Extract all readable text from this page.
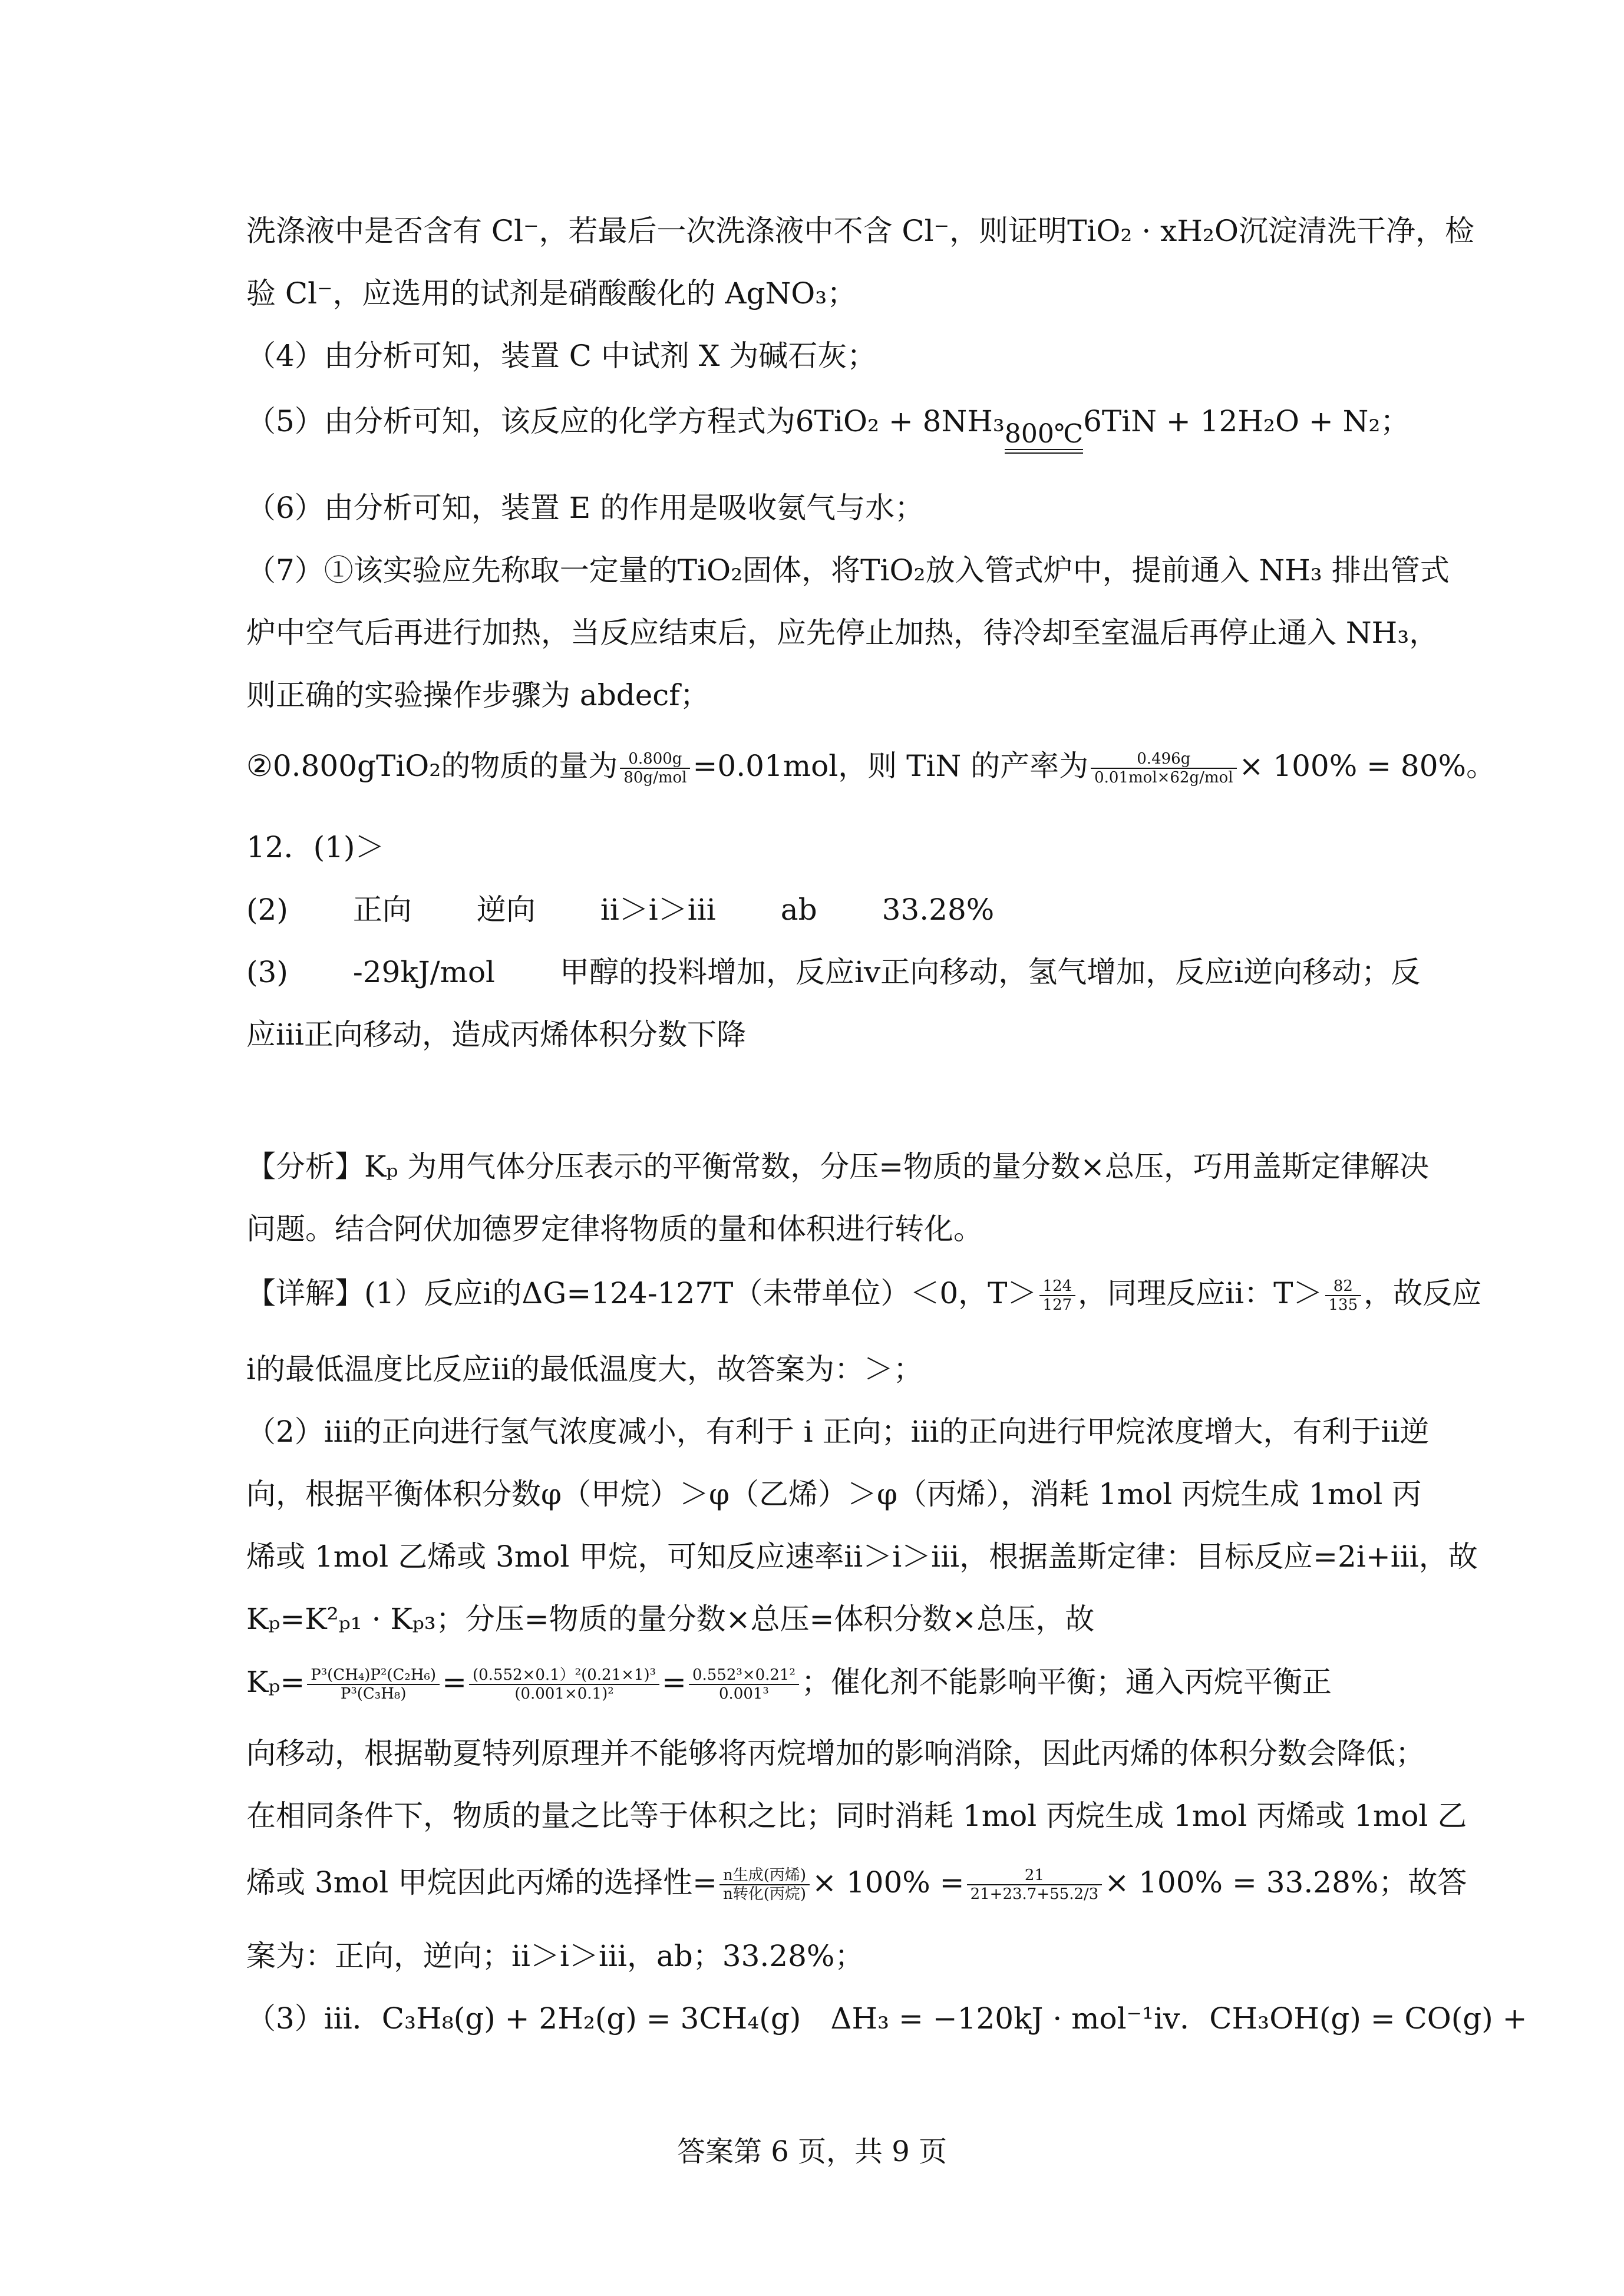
洗涤液中是否含有 Cl⁻，若最后一次洗涤液中不含 Cl⁻，则证明TiO₂ · xH₂O沉淀清洗干净，检
验 Cl⁻，应选用的试剂是硝酸酸化的 AgNO₃；
（4）由分析可知，装置 C 中试剂 X 为碱石灰；
（5）由分析可知，该反应的化学方程式为6TiO₂ + 8NH₃ 800℃ 6TiN + 12H₂O + N₂；
（6）由分析可知，装置 E 的作用是吸收氨气与水；
（7）①该实验应先称取一定量的TiO₂固体，将TiO₂放入管式炉中，提前通入 NH₃ 排出管式
炉中空气后再进行加热，当反应结束后，应先停止加热，待冷却至室温后再停止通入 NH₃，
则正确的实验操作步骤为 abdecf；
②0.800gTiO₂的物质的量为 $\frac{0.800g}{\text{80g/mol}} =0.01mol$，则 TiN 的产率为 $\frac{0.496g}{\text{0.01mol×62g/mol}} \times 100\% = 80\%$。
12．(1)＞
(2) 正向 逆向 ii＞i＞iii ab 33.28%
(3) -29kJ/mol 甲醇的投料增加，反应iv正向移动，氢气增加，反应i逆向移动；反
应iii正向移动，造成丙烯体积分数下降
【分析】Kₚ 为用气体分压表示的平衡常数，分压=物质的量分数×总压，巧用盖斯定律解决
问题。结合阿伏加德罗定律将物质的量和体积进行转化。
【详解】(1）反应i的ΔG=124-127T（未带单位）＜0，$T> \frac{124}{127}$ ，同理反应ii：$T> \frac{82}{135}$ ，故反应
i的最低温度比反应ii的最低温度大，故答案为：＞；
（2）iii的正向进行氢气浓度减小，有利于 i 正向；iii的正向进行甲烷浓度增大，有利于ii逆
向，根据平衡体积分数φ（甲烷）＞φ（乙烯）＞φ（丙烯），消耗 1mol 丙烷生成 1mol 丙
烯或 1mol 乙烯或 3mol 甲烷，可知反应速率ii＞i＞iii，根据盖斯定律：目标反应=2i+iii，故
Kₚ=K²ₚ₁ · Kₚ₃；分压=物质的量分数×总压=体积分数×总压，故
$K_p= \frac{\text{P³(CH₄)P²(C₂H₆)}}{\text{P³(C₃H₈)}} = \frac{\text{(0.552×0.1）²(0.21×1)³}}{\text{(0.001×0.1)²}} = \frac{\text{0.552³×0.21²}}{\text{0.001³}}$ ；催化剂不能影响平衡；通入丙烷平衡正
向移动，根据勒夏特列原理并不能够将丙烷增加的影响消除，因此丙烯的体积分数会降低；
在相同条件下，物质的量之比等于体积之比；同时消耗 1mol 丙烷生成 1mol 丙烯或 1mol 乙
烯或 3mol 甲烷因此丙烯的选择性= $\frac{\text{n生成(丙烯)}}{\text{n转化(丙烷)}} \times 100\% = \frac{21}{21+23.7+55.2/3} \times 100\% = 33.28\%$；故答
案为：正向，逆向；ii＞i＞iii，ab；33.28%；
（3）iii．C₃H₈(g) + 2H₂(g) = 3CH₄(g)　ΔH₃ = −120kJ · mol⁻¹iv．CH₃OH(g) = CO(g) +
答案第 6 页，共 9 页
